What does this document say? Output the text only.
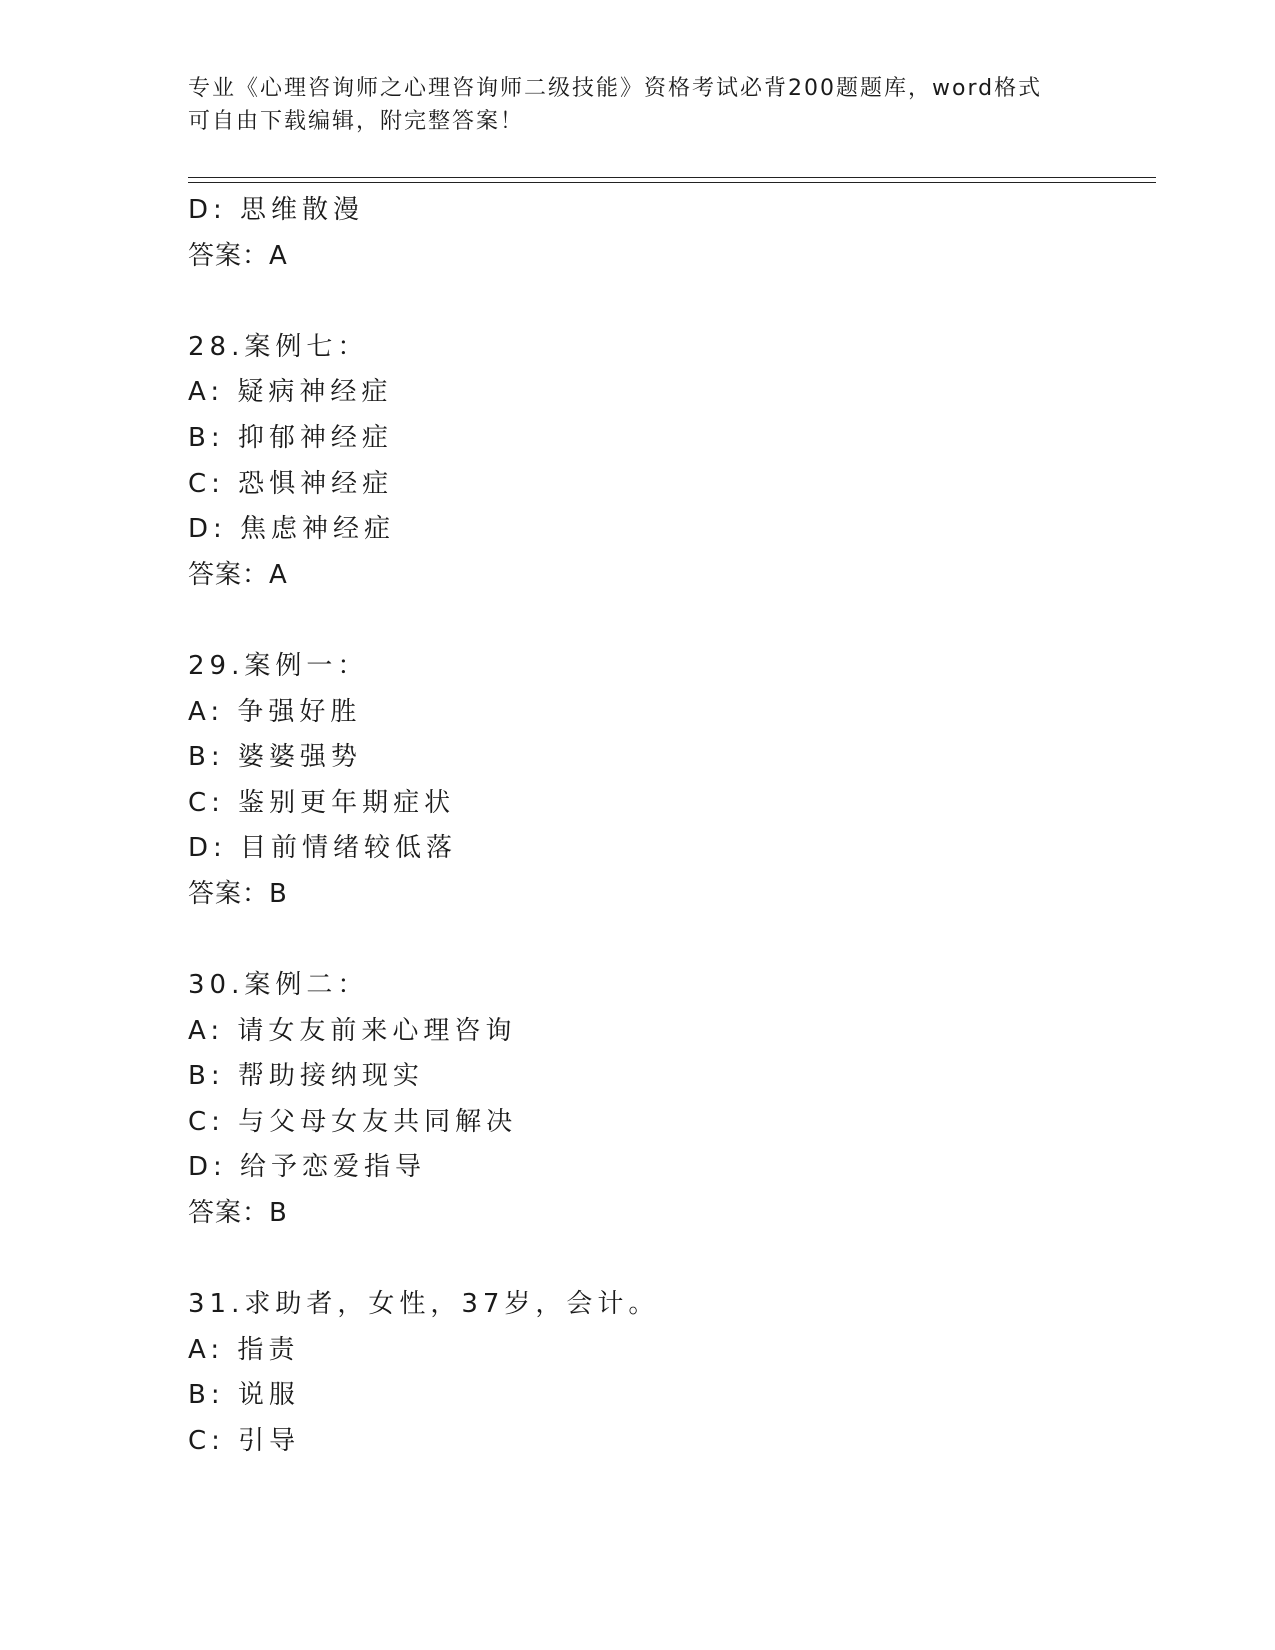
专业《心理咨询师之心理咨询师二级技能》资格考试必背200题题库，word格式
可自由下载编辑，附完整答案！
D: 思维散漫
答案：A
28.案例七：
A: 疑病神经症
B: 抑郁神经症
C: 恐惧神经症
D: 焦虑神经症
答案：A
29.案例一：
A: 争强好胜
B: 婆婆强势
C: 鉴别更年期症状
D: 目前情绪较低落
答案：B
30.案例二：
A: 请女友前来心理咨询
B: 帮助接纳现实
C: 与父母女友共同解决
D: 给予恋爱指导
答案：B
31.求助者，女性，37岁，会计。
A: 指责
B: 说服
C: 引导
